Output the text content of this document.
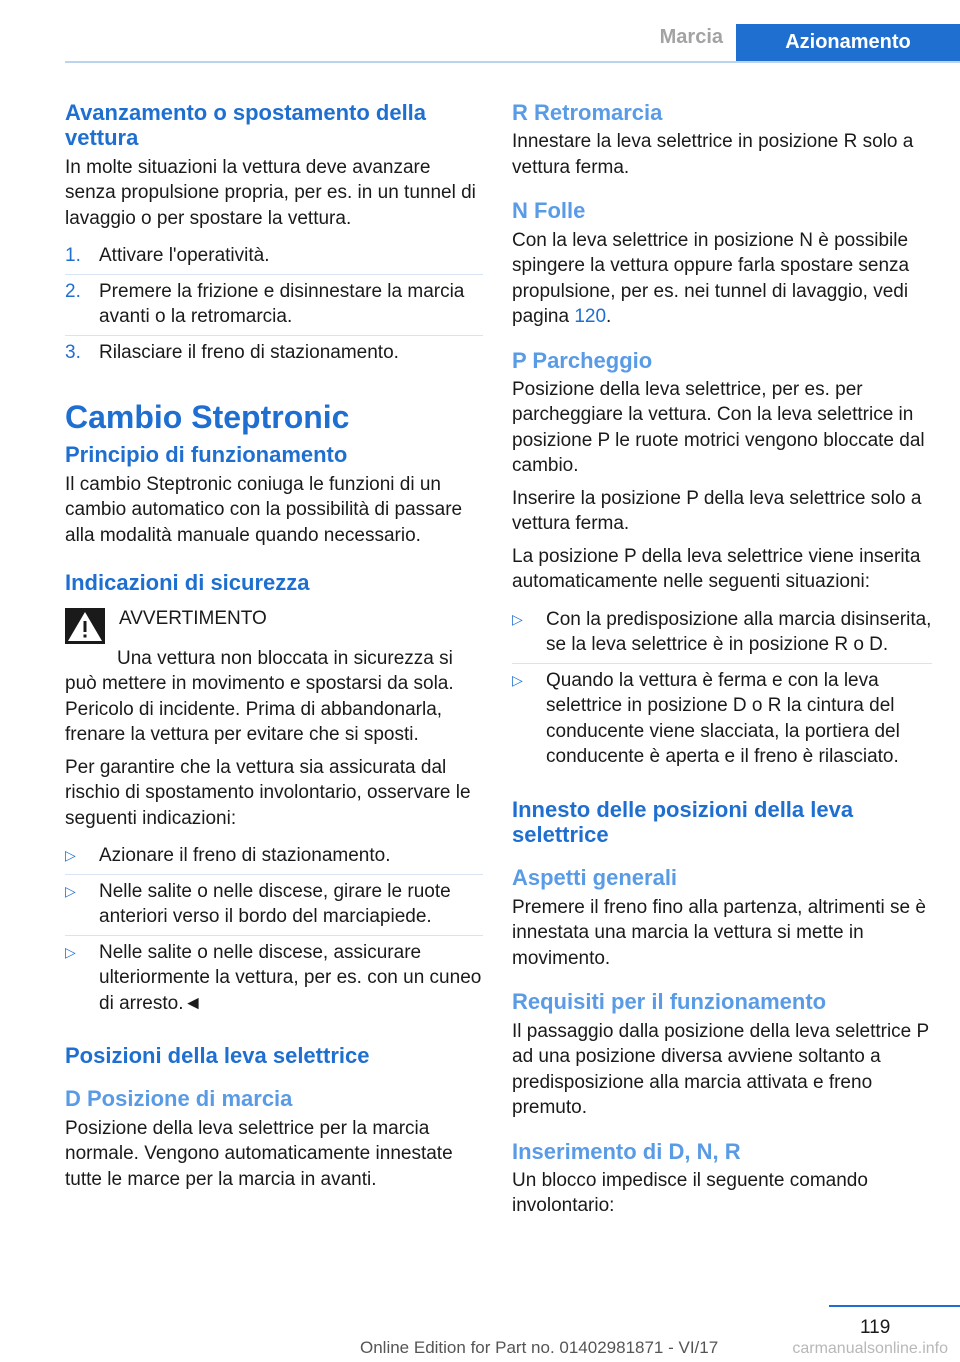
Marcia	Azionamento
Avanzamento o spostamento della vettura

In molte situazioni la vettura deve avanzare senza propulsione propria, per es. in un tunnel di lavaggio o per spostare la vettura.

1. Attivare l'operatività.
2. Premere la frizione e disinnestare la marcia avanti o la retromarcia.
3. Rilasciare il freno di stazionamento.
Cambio Steptronic
Principio di funzionamento

Il cambio Steptronic coniuga le funzioni di un cambio automatico con la possibilità di passare alla modalità manuale quando necessario.

Indicazioni di sicurezza
AVVERTIMENTO

Una vettura non bloccata in sicurezza si può mettere in movimento e spostarsi da sola. Pericolo di incidente. Prima di abbandonarla, frenare la vettura per evitare che si sposti.

Per garantire che la vettura sia assicurata dal rischio di spostamento involontario, osservare le seguenti indicazioni:

▷	Azionare il freno di stazionamento.
▷	Nelle salite o nelle discese, girare le ruote anteriori verso il bordo del marciapiede.
▷	Nelle salite o nelle discese, assicurare ulteriormente la vettura, per es. con un cuneo di arresto.◄
Posizioni della leva selettrice
D Posizione di marcia

Posizione della leva selettrice per la marcia normale. Vengono automaticamente innestate tutte le marce per la marcia in avanti.

R Retromarcia

Innestare la leva selettrice in posizione R solo a vettura ferma.

N Folle

Con la leva selettrice in posizione N è possibile spingere la vettura oppure farla spostare senza propulsione, per es. nei tunnel di lavaggio, vedi pagina 120.

P Parcheggio

Posizione della leva selettrice, per es. per parcheggiare la vettura. Con la leva selettrice in posizione P le ruote motrici vengono bloccate dal cambio.

Inserire la posizione P della leva selettrice solo a vettura ferma.

La posizione P della leva selettrice viene inserita automaticamente nelle seguenti situazioni:

▷	Con la predisposizione alla marcia disinserita, se la leva selettrice è in posizione R o D.
▷	Quando la vettura è ferma e con la leva selettrice in posizione D o R la cintura del conducente viene slacciata, la portiera del conducente è aperta e il freno è rilasciato.
Innesto delle posizioni della leva selettrice
Aspetti generali

Premere il freno fino alla partenza, altrimenti se è innestata una marcia la vettura si mette in movimento.

Requisiti per il funzionamento

Il passaggio dalla posizione della leva selettrice P ad una posizione diversa avviene soltanto a predisposizione alla marcia attivata e freno premuto.

Inserimento di D, N, R

Un blocco impedisce il seguente comando involontario:

119
Online Edition for Part no. 01402981871 - VI/17	carmanualsonline.info
